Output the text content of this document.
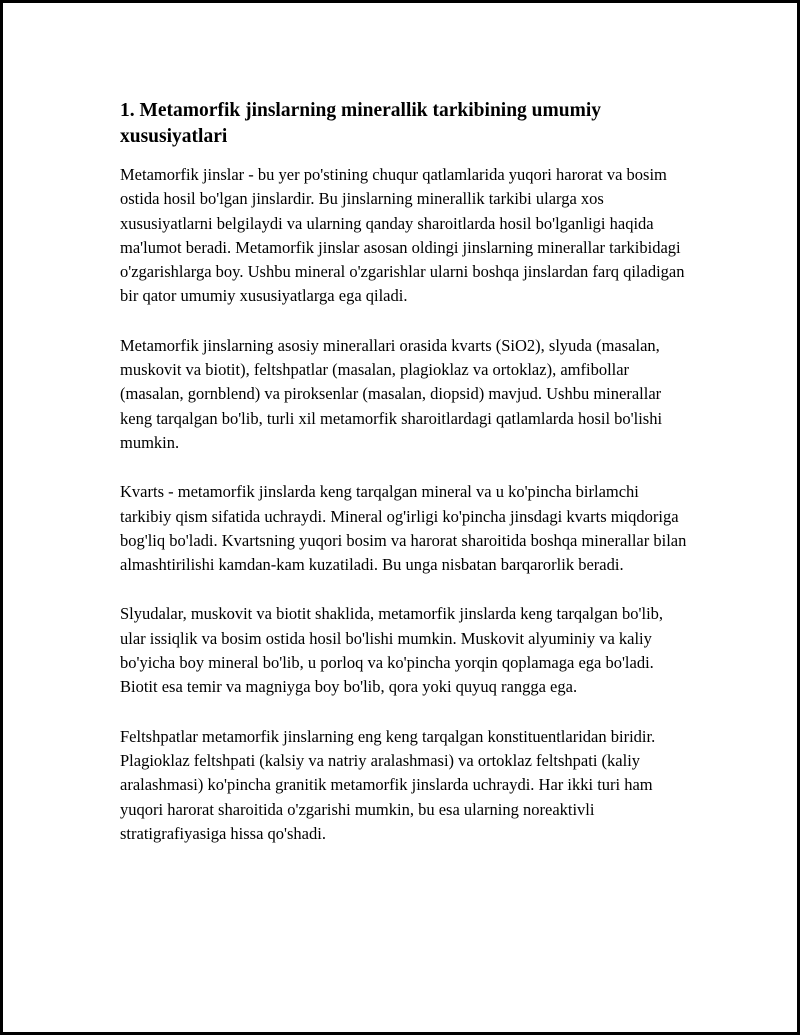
1. Metamorfik jinslarning minerallik tarkibining umumiy xususiyatlari

Metamorfik jinslar - bu yer po'stining chuqur qatlamlarida yuqori harorat va bosim ostida hosil bo'lgan jinslardir. Bu jinslarning minerallik tarkibi ularga xos xususiyatlarni belgilaydi va ularning qanday sharoitlarda hosil bo'lganligi haqida ma'lumot beradi. Metamorfik jinslar asosan oldingi jinslarning minerallar tarkibidagi o'zgarishlarga boy. Ushbu mineral o'zgarishlar ularni boshqa jinslardan farq qiladigan bir qator umumiy xususiyatlarga ega qiladi.

Metamorfik jinslarning asosiy minerallari orasida kvarts (SiO2), slyuda (masalan, muskovit va biotit), feltshpatlar (masalan, plagioklaz va ortoklaz), amfibollar (masalan, gornblend) va piroksenlar (masalan, diopsid) mavjud. Ushbu minerallar keng tarqalgan bo'lib, turli xil metamorfik sharoitlardagi qatlamlarda hosil bo'lishi mumkin.

Kvarts - metamorfik jinslarda keng tarqalgan mineral va u ko'pincha birlamchi tarkibiy qism sifatida uchraydi. Mineral og'irligi ko'pincha jinsdagi kvarts miqdoriga bog'liq bo'ladi. Kvartsning yuqori bosim va harorat sharoitida boshqa minerallar bilan almashtirilishi kamdan-kam kuzatiladi. Bu unga nisbatan barqarorlik beradi.

Slyudalar, muskovit va biotit shaklida, metamorfik jinslarda keng tarqalgan bo'lib, ular issiqlik va bosim ostida hosil bo'lishi mumkin. Muskovit alyuminiy va kaliy bo'yicha boy mineral bo'lib, u porloq va ko'pincha yorqin qoplamaga ega bo'ladi. Biotit esa temir va magniyga boy bo'lib, qora yoki quyuq rangga ega.

Feltshpatlar metamorfik jinslarning eng keng tarqalgan konstituentlaridan biridir. Plagioklaz feltshpati (kalsiy va natriy aralashmasi) va ortoklaz feltshpati (kaliy aralashmasi) ko'pincha granitik metamorfik jinslarda uchraydi. Har ikki turi ham yuqori harorat sharoitida o'zgarishi mumkin, bu esa ularning noreaktivli stratigrafiyasiga hissa qo'shadi.
